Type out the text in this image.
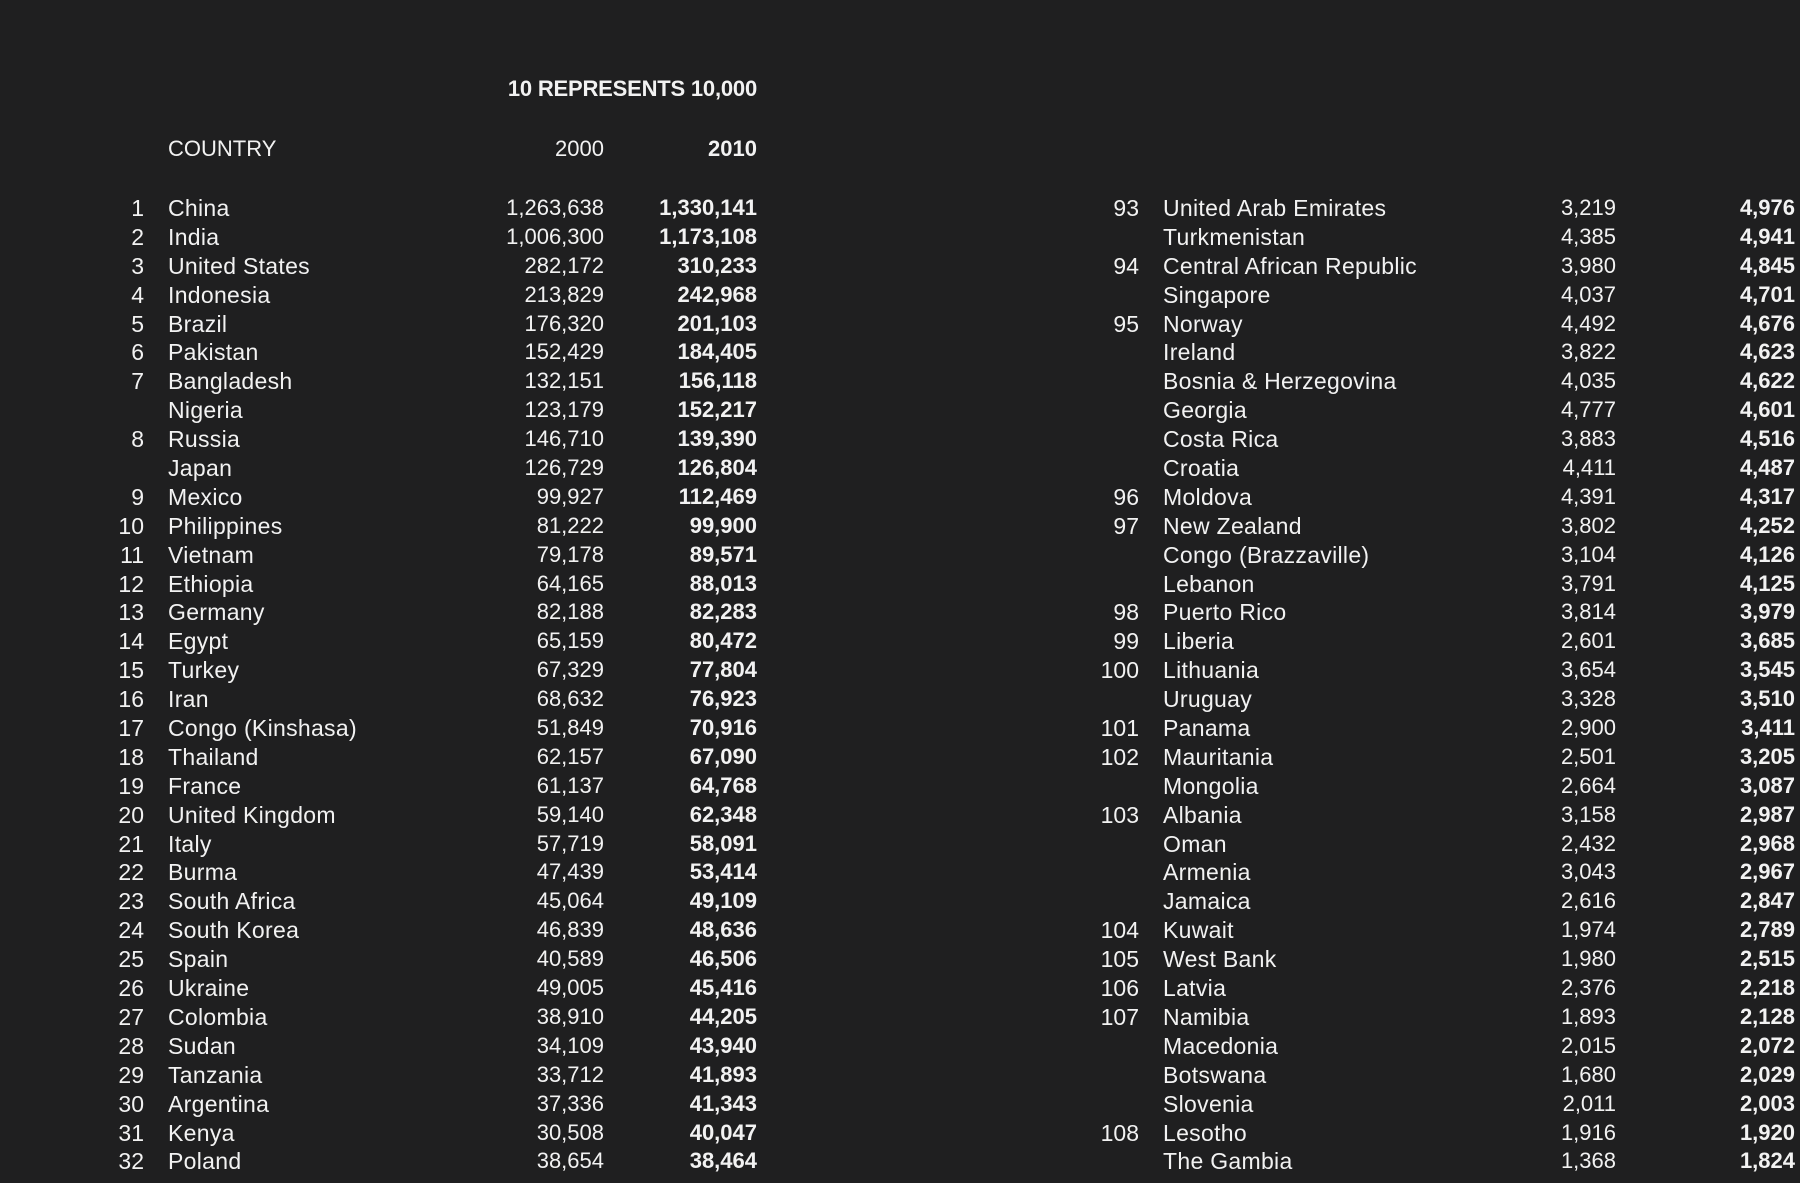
10 REPRESENTS 10,000
COUNTRY	2000	2010
1 China	1,263,638	1,330,141
2 India	1,006,300	1,173,108
3 United States	282,172	310,233
4 Indonesia	213,829	242,968
5 Brazil	176,320	201,103
6 Pakistan	152,429	184,405
7 Bangladesh	132,151	156,118
Nigeria	123,179	152,217
8 Russia	146,710	139,390
Japan	126,729	126,804
9 Mexico	99,927	112,469
10 Philippines	81,222	99,900
11 Vietnam	79,178	89,571
12 Ethiopia	64,165	88,013
13 Germany	82,188	82,283
14 Egypt	65,159	80,472
15 Turkey	67,329	77,804
16 Iran	68,632	76,923
17 Congo (Kinshasa)	51,849	70,916
18 Thailand	62,157	67,090
19 France	61,137	64,768
20 United Kingdom	59,140	62,348
21 Italy	57,719	58,091
22 Burma	47,439	53,414
23 South Africa	45,064	49,109
24 South Korea	46,839	48,636
25 Spain	40,589	46,506
26 Ukraine	49,005	45,416
27 Colombia	38,910	44,205
28 Sudan	34,109	43,940
29 Tanzania	33,712	41,893
30 Argentina	37,336	41,343
31 Kenya	30,508	40,047
32 Poland	38,654	38,464
93 United Arab Emirates	3,219	4,976
Turkmenistan	4,385	4,941
94 Central African Republic	3,980	4,845
Singapore	4,037	4,701
95 Norway	4,492	4,676
Ireland	3,822	4,623
Bosnia & Herzegovina	4,035	4,622
Georgia	4,777	4,601
Costa Rica	3,883	4,516
Croatia	4,411	4,487
96 Moldova	4,391	4,317
97 New Zealand	3,802	4,252
Congo (Brazzaville)	3,104	4,126
Lebanon	3,791	4,125
98 Puerto Rico	3,814	3,979
99 Liberia	2,601	3,685
100 Lithuania	3,654	3,545
Uruguay	3,328	3,510
101 Panama	2,900	3,411
102 Mauritania	2,501	3,205
Mongolia	2,664	3,087
103 Albania	3,158	2,987
Oman	2,432	2,968
Armenia	3,043	2,967
Jamaica	2,616	2,847
104 Kuwait	1,974	2,789
105 West Bank	1,980	2,515
106 Latvia	2,376	2,218
107 Namibia	1,893	2,128
Macedonia	2,015	2,072
Botswana	1,680	2,029
Slovenia	2,011	2,003
108 Lesotho	1,916	1,920
The Gambia	1,368	1,824
